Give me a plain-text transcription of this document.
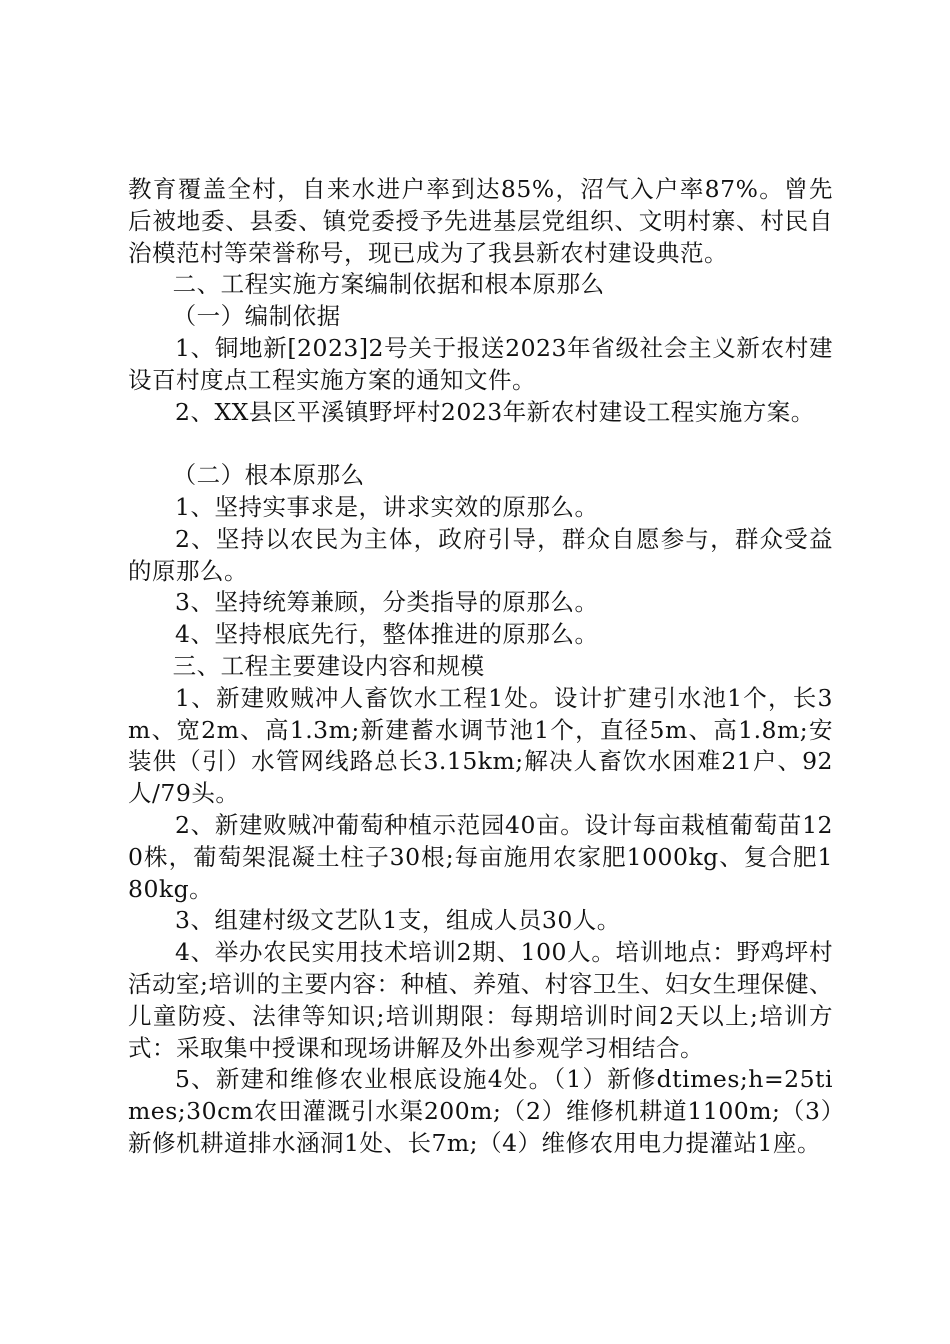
教育覆盖全村，自来水进户率到达85%，沼气入户率87%。曾先后被地委、县委、镇党委授予先进基层党组织、文明村寨、村民自治模范村等荣誉称号，现已成为了我县新农村建设典范。

二、工程实施方案编制依据和根本原那么

（一）编制依据

1、铜地新[2023]2号关于报送2023年省级社会主义新农村建设百村度点工程实施方案的通知文件。

2、XX县区平溪镇野坪村2023年新农村建设工程实施方案。

（二）根本原那么

1、坚持实事求是，讲求实效的原那么。

2、坚持以农民为主体，政府引导，群众自愿参与，群众受益的原那么。

3、坚持统筹兼顾，分类指导的原那么。

4、坚持根底先行，整体推进的原那么。

三、工程主要建设内容和规模

1、新建败贼冲人畜饮水工程1处。设计扩建引水池1个，长3m、宽2m、高1.3m;新建蓄水调节池1个，直径5m、高1.8m;安装供（引）水管网线路总长3.15km;解决人畜饮水困难21户、92人/79头。

2、新建败贼冲葡萄种植示范园40亩。设计每亩栽植葡萄苗120株，葡萄架混凝土柱子30根;每亩施用农家肥1000kg、复合肥180kg。

3、组建村级文艺队1支，组成人员30人。

4、举办农民实用技术培训2期、100人。培训地点：野鸡坪村活动室;培训的主要内容：种植、养殖、村容卫生、妇女生理保健、儿童防疫、法律等知识;培训期限：每期培训时间2天以上;培训方式：采取集中授课和现场讲解及外出参观学习相结合。

5、新建和维修农业根底设施4处。（1）新修dtimes;h=25times;30cm农田灌溉引水渠200m;（2）维修机耕道1100m;（3）新修机耕道排水涵洞1处、长7m;（4）维修农用电力提灌站1座。
